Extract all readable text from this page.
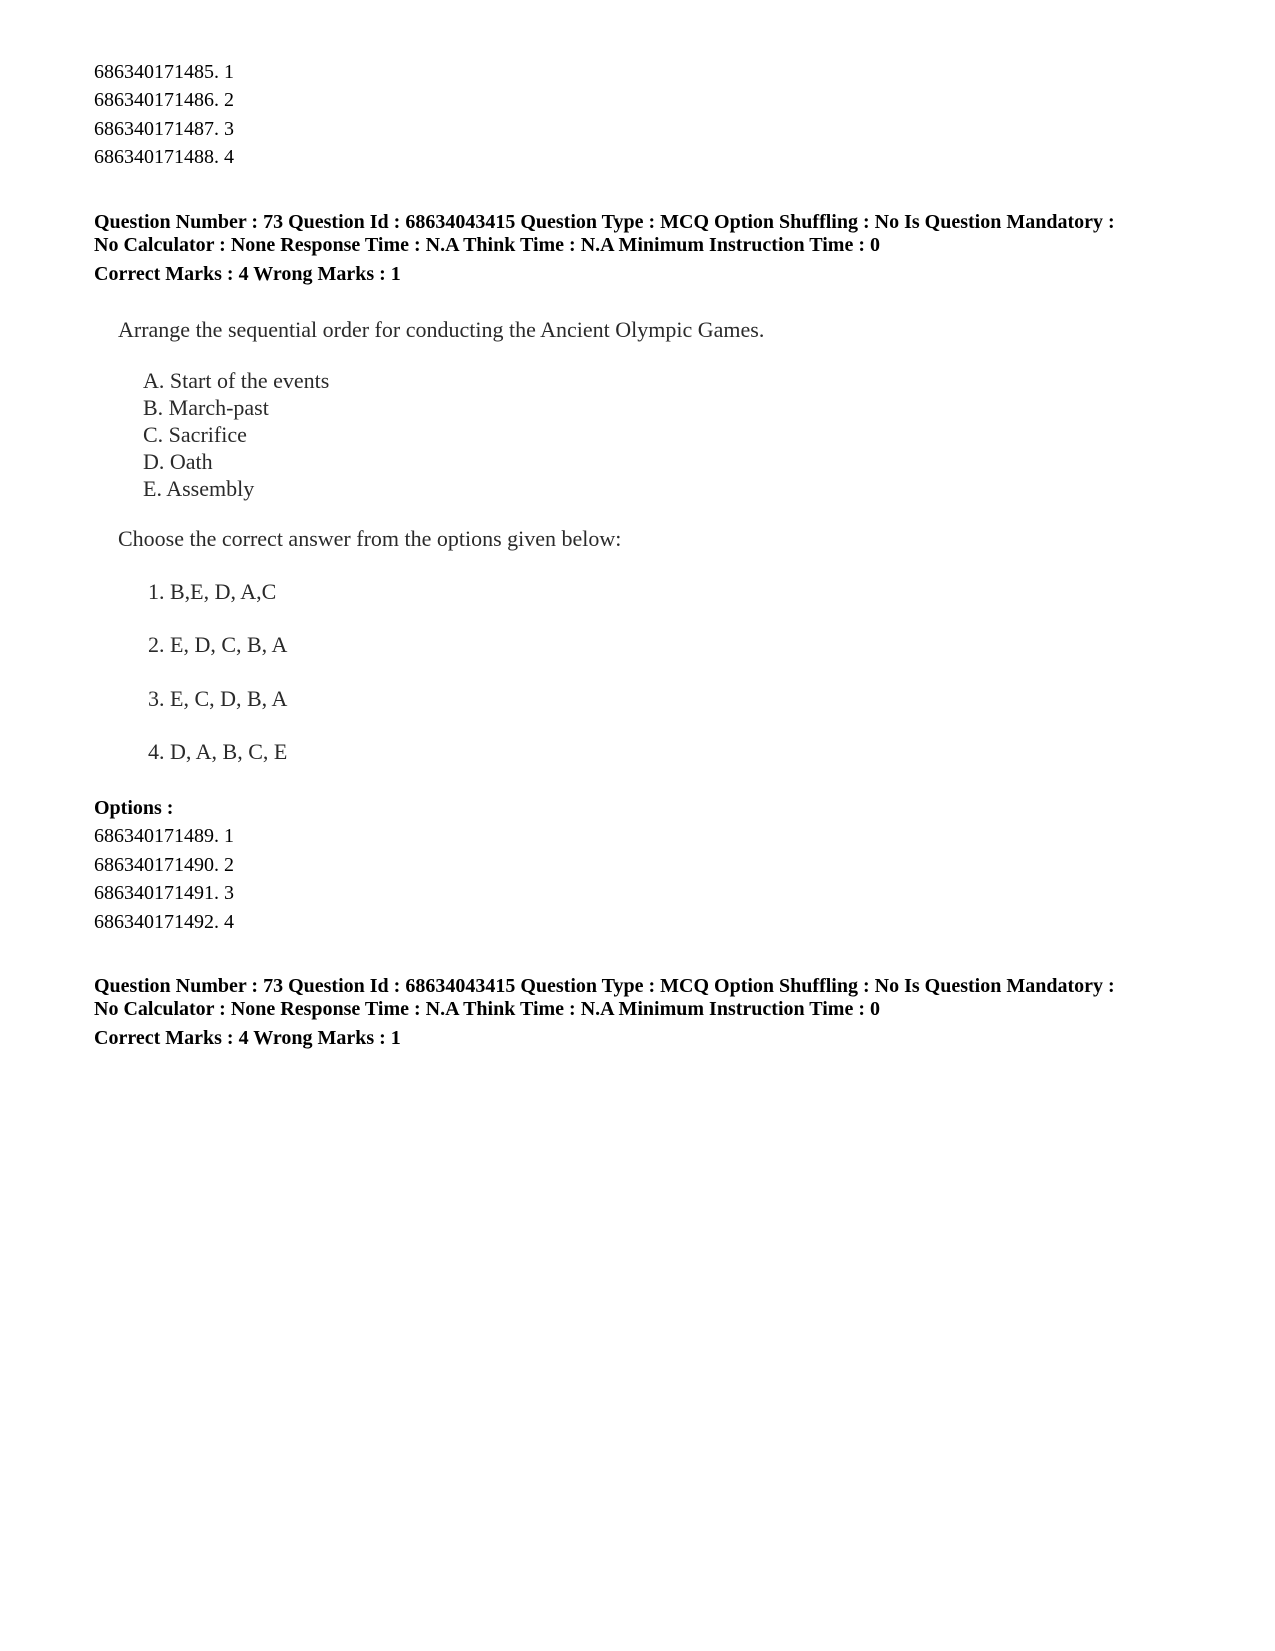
686340171485. 1
686340171486. 2
686340171487. 3
686340171488. 4
Question Number : 73 Question Id : 68634043415 Question Type : MCQ Option Shuffling : No Is Question Mandatory :
No Calculator : None Response Time : N.A Think Time : N.A Minimum Instruction Time : 0
Correct Marks : 4 Wrong Marks : 1
Arrange the sequential order for conducting the Ancient Olympic Games.
A. Start of the events
B. March-past
C. Sacrifice
D. Oath
E. Assembly
Choose the correct answer from the options given below:
1. B,E, D, A,C
2. E, D, C, B, A
3. E, C, D, B, A
4. D, A, B, C, E
Options :
686340171489. 1
686340171490. 2
686340171491. 3
686340171492. 4
Question Number : 73 Question Id : 68634043415 Question Type : MCQ Option Shuffling : No Is Question Mandatory :
No Calculator : None Response Time : N.A Think Time : N.A Minimum Instruction Time : 0
Correct Marks : 4 Wrong Marks : 1
